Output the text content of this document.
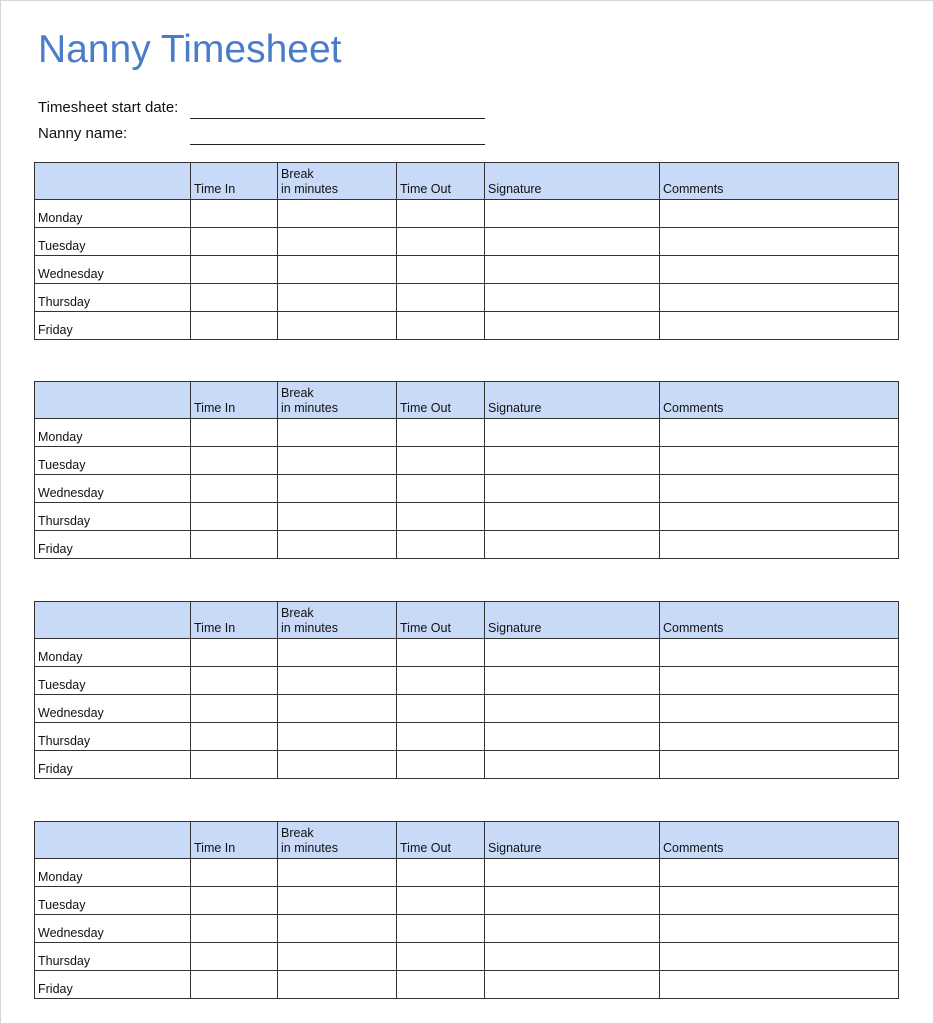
Nanny Timesheet
Timesheet start date:
Nanny name:
	Time In	Break
in minutes	Time Out	Signature	Comments
Monday					
Tuesday					
Wednesday					
Thursday					
Friday					
	Time In	Break
in minutes	Time Out	Signature	Comments
Monday					
Tuesday					
Wednesday					
Thursday					
Friday					
	Time In	Break
in minutes	Time Out	Signature	Comments
Monday					
Tuesday					
Wednesday					
Thursday					
Friday					
	Time In	Break
in minutes	Time Out	Signature	Comments
Monday					
Tuesday					
Wednesday					
Thursday					
Friday					
